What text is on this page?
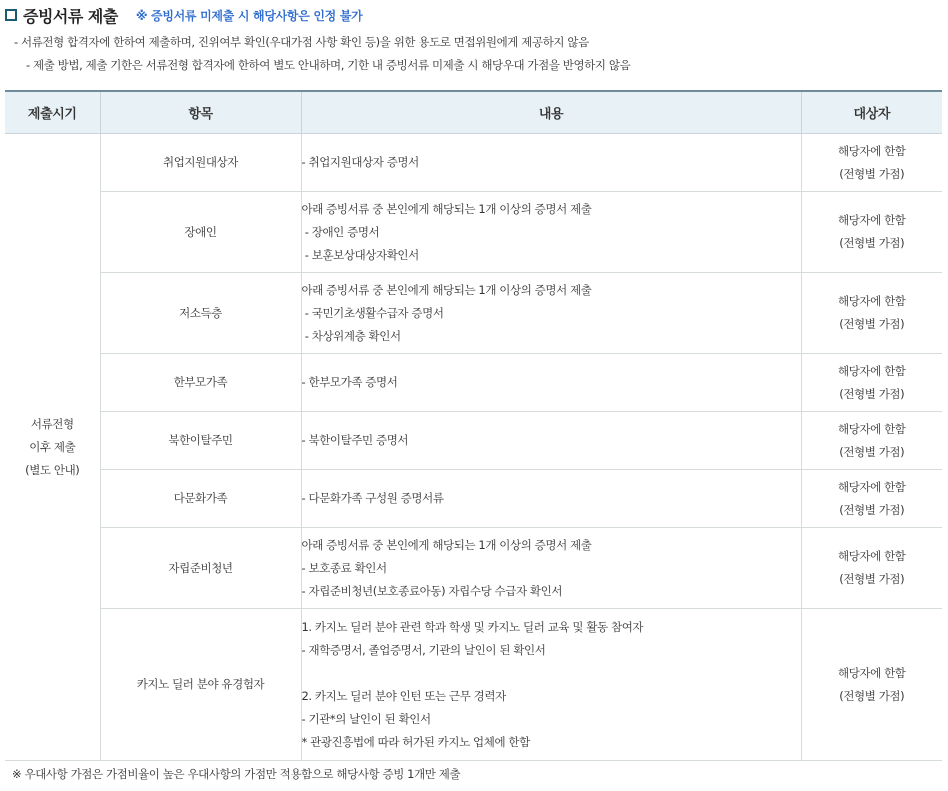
증빙서류 제출 ※ 증빙서류 미제출 시 해당사항은 인정 불가
- 서류전형 합격자에 한하여 제출하며, 진위여부 확인(우대가점 사항 확인 등)을 위한 용도로 면접위원에게 제공하지 않음
- 제출 방법, 제출 기한은 서류전형 합격자에 한하여 별도 안내하며, 기한 내 증빙서류 미제출 시 해당우대 가점을 반영하지 않음
제출시기	항목	내용	대상자

서류전형
이후 제출
(별도 안내)	취업지원대상자	- 취업지원대상자 증명서	해당자에 한함
(전형별 가점)

	장애인	아래 증빙서류 중 본인에게 해당되는 1개 이상의 증명서 제출
- 장애인 증명서
- 보훈보상대상자확인서	해당자에 한함
(전형별 가점)

	저소득층	아래 증빙서류 중 본인에게 해당되는 1개 이상의 증명서 제출
- 국민기초생활수급자 증명서
- 차상위계층 확인서	해당자에 한함
(전형별 가점)

	한부모가족	- 한부모가족 증명서	해당자에 한함
(전형별 가점)

	북한이탈주민	- 북한이탈주민 증명서	해당자에 한함
(전형별 가점)

	다문화가족	- 다문화가족 구성원 증명서류	해당자에 한함
(전형별 가점)

	자립준비청년	아래 증빙서류 중 본인에게 해당되는 1개 이상의 증명서 제출
- 보호종료 확인서
- 자립준비청년(보호종료아동) 자립수당 수급자 확인서	해당자에 한함
(전형별 가점)

	카지노 딜러 분야 유경험자	1. 카지노 딜러 분야 관련 학과 학생 및 카지노 딜러 교육 및 활동 참여자
- 재학증명서, 졸업증명서, 기관의 날인이 된 확인서
2. 카지노 딜러 분야 인턴 또는 근무 경력자
- 기관*의 날인이 된 확인서
* 관광진흥법에 따라 허가된 카지노 업체에 한함	해당자에 한함
(전형별 가점)
※ 우대사항 가점은 가점비율이 높은 우대사항의 가점만 적용함으로 해당사항 증빙 1개만 제출
